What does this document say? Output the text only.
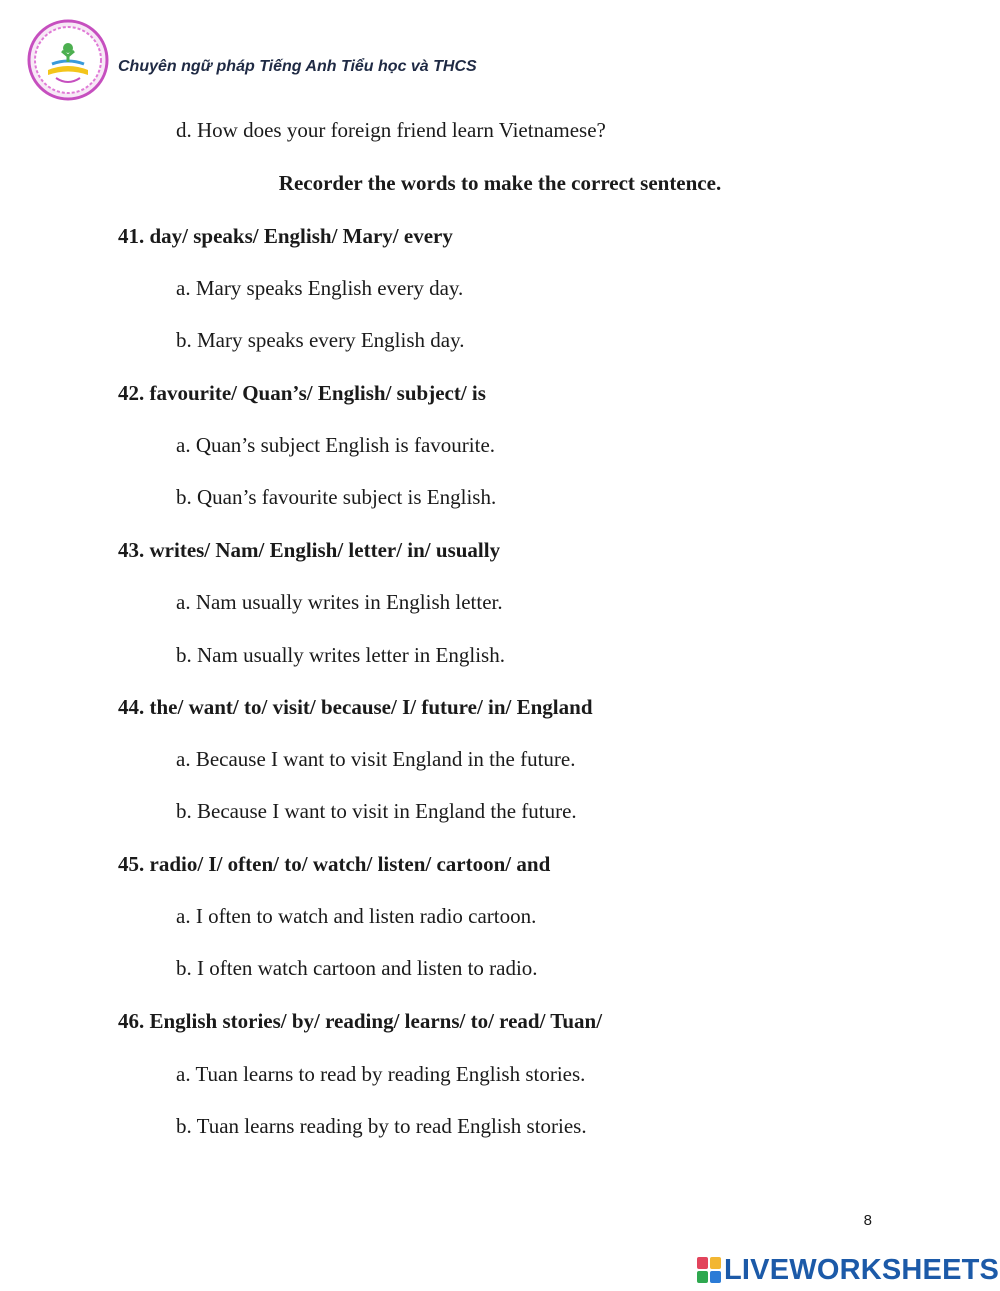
Chuyên ngữ pháp Tiếng Anh Tiểu học và THCS
d. How does your foreign friend learn Vietnamese?
Recorder the words to make the correct sentence.
41. day/ speaks/ English/ Mary/ every
a. Mary speaks English every day.
b. Mary speaks every English day.
42. favourite/ Quan’s/ English/ subject/ is
a. Quan’s subject English is favourite.
b. Quan’s favourite subject is English.
43. writes/ Nam/ English/ letter/ in/ usually
a. Nam usually writes in English letter.
b. Nam usually writes letter in English.
44. the/ want/ to/ visit/ because/ I/ future/ in/ England
a. Because I want to visit England in the future.
b. Because I want to visit in England the future.
45. radio/ I/ often/ to/ watch/ listen/ cartoon/ and
a. I often to watch and listen radio cartoon.
b. I often watch cartoon and listen to radio.
46. English stories/ by/ reading/ learns/ to/ read/ Tuan/
a. Tuan learns to read by reading English stories.
b. Tuan learns reading by to read English stories.
8
LIVEWORKSHEETS
